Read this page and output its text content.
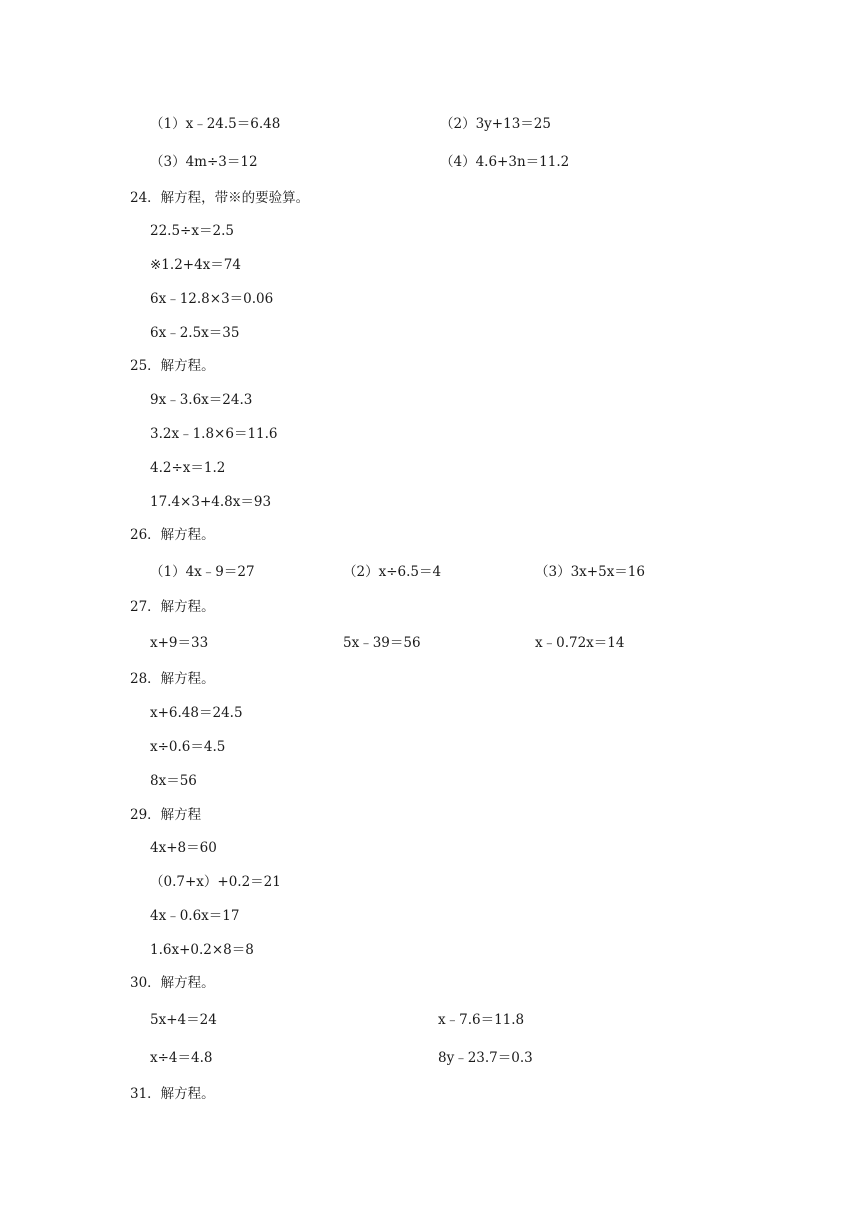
（1）x﹣24.5＝6.48	（2）3y+13＝25
（3）4m÷3＝12	（4）4.6+3n＝11.2
24．解方程，带※的要验算。
22.5÷x＝2.5
※1.2+4x＝74
6x﹣12.8×3＝0.06
6x﹣2.5x＝35
25．解方程。
9x﹣3.6x＝24.3
3.2x﹣1.8×6＝11.6
4.2÷x＝1.2
17.4×3+4.8x＝93
26．解方程。
（1）4x﹣9＝27	（2）x÷6.5＝4	（3）3x+5x＝16
27．解方程。
x+9＝33	5x﹣39＝56	x﹣0.72x＝14
28．解方程。
x+6.48＝24.5
x÷0.6＝4.5
8x＝56
29．解方程
4x+8＝60
（0.7+x）+0.2＝21
4x﹣0.6x＝17
1.6x+0.2×8＝8
30．解方程。
5x+4＝24	x﹣7.6＝11.8
x÷4＝4.8	8y﹣23.7＝0.3
31．解方程。
